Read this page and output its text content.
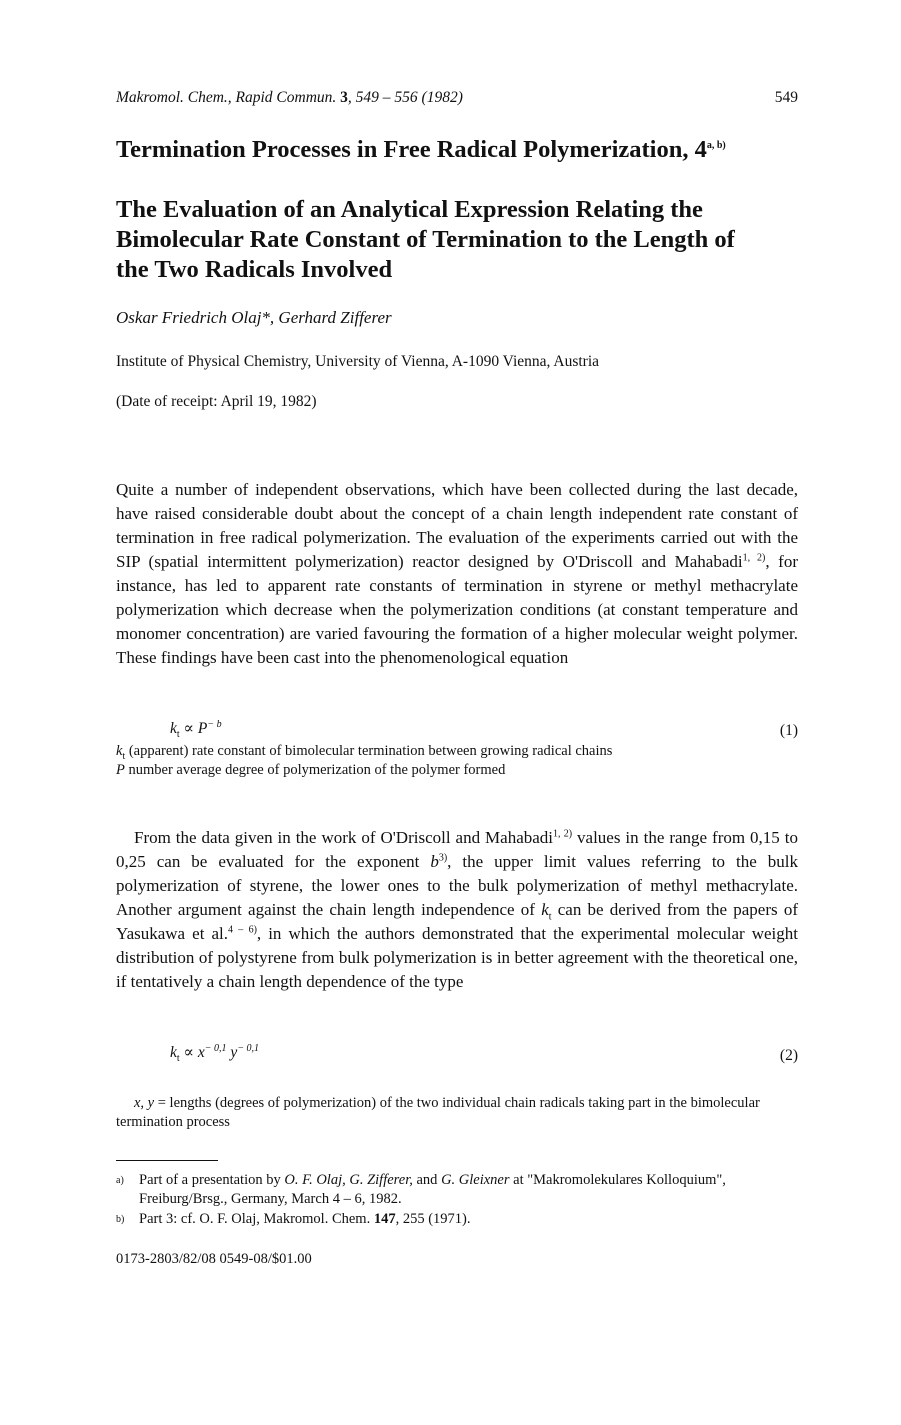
Makromol. Chem., Rapid Commun. 3, 549 – 556 (1982)	549
Termination Processes in Free Radical Polymerization, 4$^{a, b)}$
The Evaluation of an Analytical Expression Relating the
Bimolecular Rate Constant of Termination to the Length of
the Two Radicals Involved
Oskar Friedrich Olaj*, Gerhard Zifferer
Institute of Physical Chemistry, University of Vienna, A-1090 Vienna, Austria
(Date of receipt: April 19, 1982)
Quite a number of independent observations, which have been collected during the last decade, have raised considerable doubt about the concept of a chain length independent rate constant of termination in free radical polymerization. The evaluation of the experiments carried out with the SIP (spatial intermittent polymerization) reactor designed by O'Driscoll and Mahabadi$^{1, 2)}$, for instance, has led to apparent rate constants of termination in styrene or methyl methacrylate polymerization which decrease when the polymerization conditions (at constant temperature and monomer concentration) are varied favouring the formation of a higher molecular weight polymer. These findings have been cast into the phenomenological equation
$k_t \propto P^{- b}$	(1)
$k_t$ (apparent) rate constant of bimolecular termination between growing radical chains
P number average degree of polymerization of the polymer formed
From the data given in the work of O'Driscoll and Mahabadi$^{1, 2)}$ values in the range from 0,15 to 0,25 can be evaluated for the exponent $b^{3)}$, the upper limit values referring to the bulk polymerization of styrene, the lower ones to the bulk polymerization of methyl methacrylate. Another argument against the chain length independence of $k_t$ can be derived from the papers of Yasukawa et al.$^{4 - 6)}$, in which the authors demonstrated that the experimental molecular weight distribution of polystyrene from bulk polymerization is in better agreement with the theoretical one, if tentatively a chain length dependence of the type
$k_t \propto x^{- 0,1}$ $y^{- 0,1}$	(2)
x, y = lengths (degrees of polymerization) of the two individual chain radicals taking part in the bimolecular termination process
a) Part of a presentation by O. F. Olaj, G. Zifferer, and G. Gleixner at "Makromolekulares Kolloquium", Freiburg/Brsg., Germany, March 4 – 6, 1982.
b) Part 3: cf. O. F. Olaj, Makromol. Chem. 147, 255 (1971).
0173-2803/82/08 0549-08/$01.00
